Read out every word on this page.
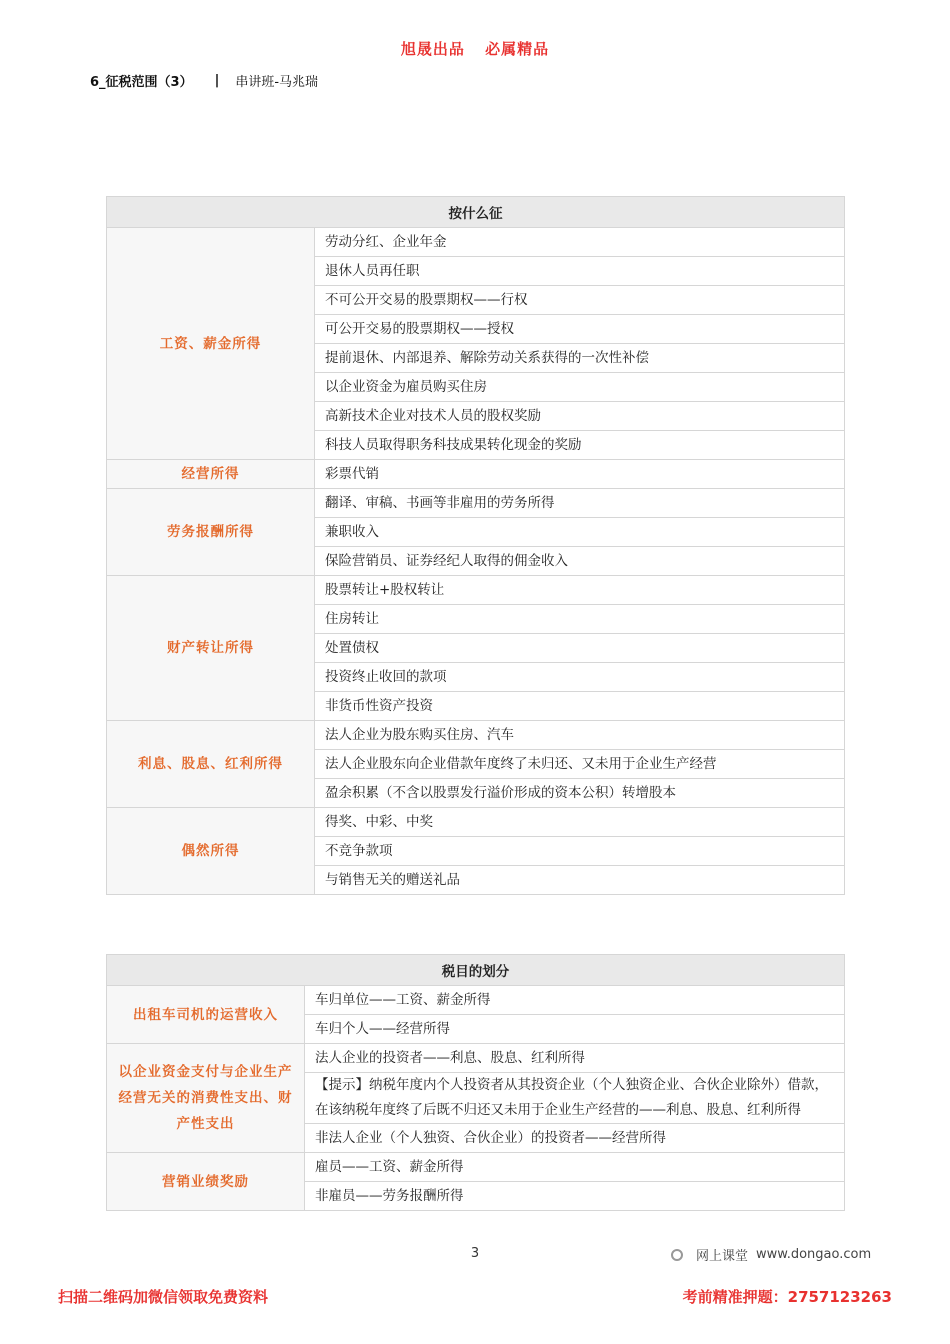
旭晟出品 必属精品
6_征税范围（3） | 串讲班-马兆瑞
按什么征	
工资、薪金所得	劳动分红、企业年金
	退休人员再任职
	不可公开交易的股票期权——行权
	可公开交易的股票期权——授权
	提前退休、内部退养、解除劳动关系获得的一次性补偿
	以企业资金为雇员购买住房
	高新技术企业对技术人员的股权奖励
	科技人员取得职务科技成果转化现金的奖励
经营所得	彩票代销
劳务报酬所得	翻译、审稿、书画等非雇用的劳务所得
	兼职收入
	保险营销员、证券经纪人取得的佣金收入
财产转让所得	股票转让+股权转让
	住房转让
	处置债权
	投资终止收回的款项
	非货币性资产投资
利息、股息、红利所得	法人企业为股东购买住房、汽车
	法人企业股东向企业借款年度终了未归还、又未用于企业生产经营
	盈余积累（不含以股票发行溢价形成的资本公积）转增股本
偶然所得	得奖、中彩、中奖
	不竞争款项
	与销售无关的赠送礼品
税目的划分	
出租车司机的运营收入	车归单位——工资、薪金所得
	车归个人——经营所得
以企业资金支付与企业生产经营无关的消费性支出、财产性支出	法人企业的投资者——利息、股息、红利所得
	【提示】纳税年度内个人投资者从其投资企业（个人独资企业、合伙企业除外）借款，在该纳税年度终了后既不归还又未用于企业生产经营的——利息、股息、红利所得
	非法人企业（个人独资、合伙企业）的投资者——经营所得
营销业绩奖励	雇员——工资、薪金所得
	非雇员——劳务报酬所得
3	网上课堂 www.dongao.com
扫描二维码加微信领取免费资料	考前精准押题：2757123263
